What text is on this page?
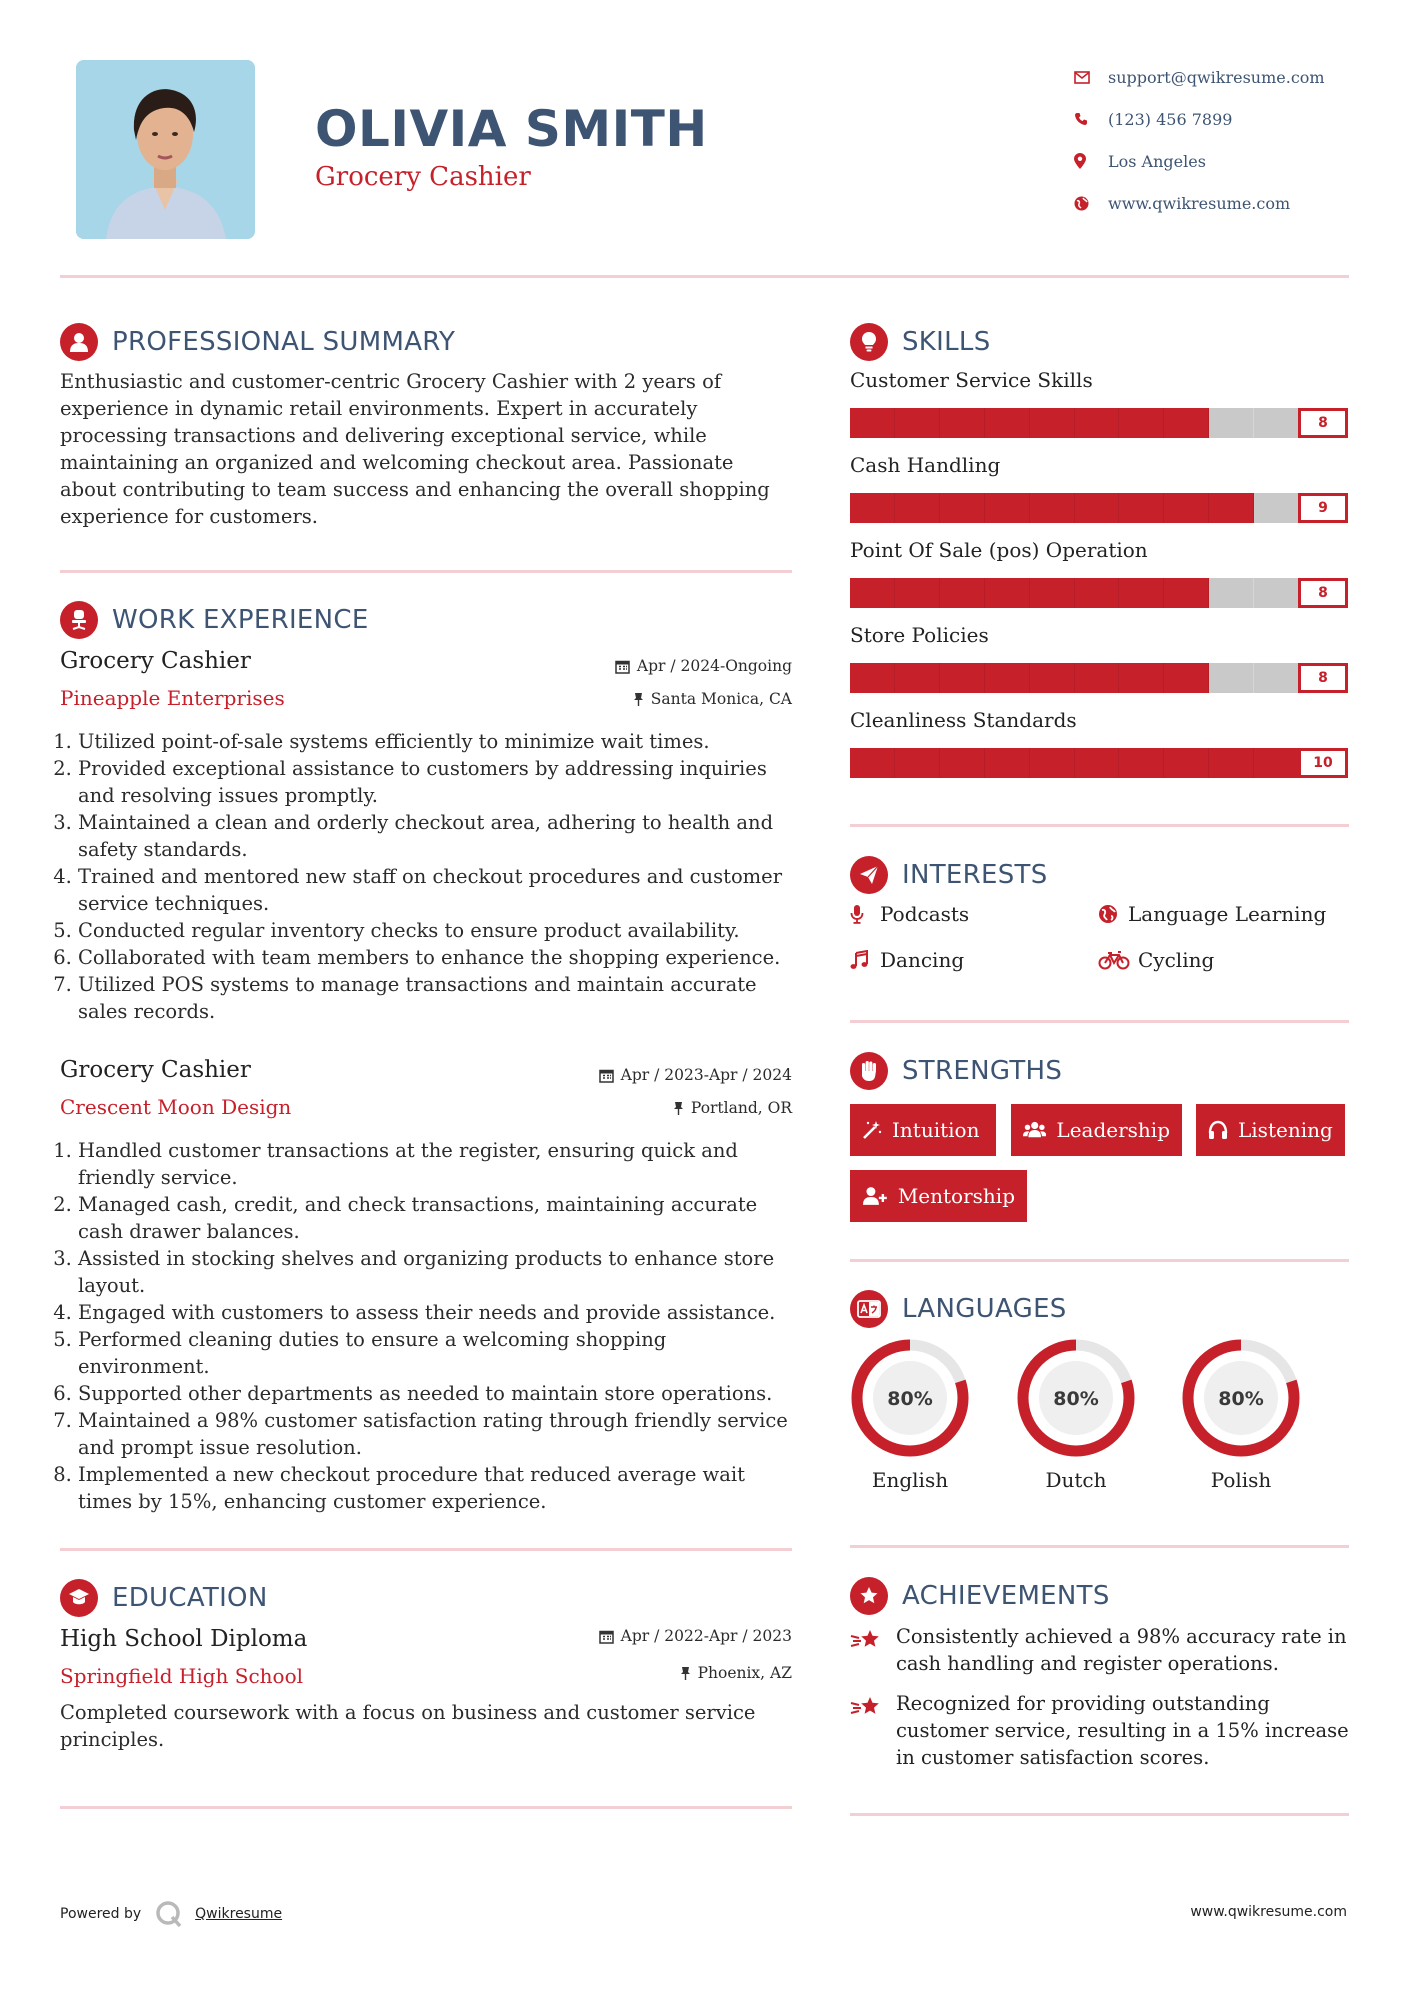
OLIVIA SMITH
Grocery Cashier
support@qwikresume.com
(123) 456 7899
Los Angeles
www.qwikresume.com
PROFESSIONAL SUMMARY
Enthusiastic and customer-centric Grocery Cashier with 2 years of experience in dynamic retail environments. Expert in accurately processing transactions and delivering exceptional service, while maintaining an organized and welcoming checkout area. Passionate about contributing to team success and enhancing the overall shopping experience for customers.
WORK EXPERIENCE
Grocery Cashier	Apr / 2024-Ongoing
Pineapple Enterprises	Santa Monica, CA
1. Utilized point-of-sale systems efficiently to minimize wait times.
2. Provided exceptional assistance to customers by addressing inquiries and resolving issues promptly.
3. Maintained a clean and orderly checkout area, adhering to health and safety standards.
4. Trained and mentored new staff on checkout procedures and customer service techniques.
5. Conducted regular inventory checks to ensure product availability.
6. Collaborated with team members to enhance the shopping experience.
7. Utilized POS systems to manage transactions and maintain accurate sales records.
Grocery Cashier	Apr / 2023-Apr / 2024
Crescent Moon Design	Portland, OR
1. Handled customer transactions at the register, ensuring quick and friendly service.
2. Managed cash, credit, and check transactions, maintaining accurate cash drawer balances.
3. Assisted in stocking shelves and organizing products to enhance store layout.
4. Engaged with customers to assess their needs and provide assistance.
5. Performed cleaning duties to ensure a welcoming shopping environment.
6. Supported other departments as needed to maintain store operations.
7. Maintained a 98% customer satisfaction rating through friendly service and prompt issue resolution.
8. Implemented a new checkout procedure that reduced average wait times by 15%, enhancing customer experience.
EDUCATION
High School Diploma	Apr / 2022-Apr / 2023
Springfield High School	Phoenix, AZ
Completed coursework with a focus on business and customer service principles.
SKILLS
Customer Service Skills
8
Cash Handling
9
Point Of Sale (pos) Operation
8
Store Policies
8
Cleanliness Standards
10
INTERESTS
Podcasts	Language Learning
Dancing	Cycling
STRENGTHS
Intuition	Leadership	Listening
Mentorship
LANGUAGES
80%
English
80%
Dutch
80%
Polish
ACHIEVEMENTS
Consistently achieved a 98% accuracy rate in cash handling and register operations.
Recognized for providing outstanding customer service, resulting in a 15% increase in customer satisfaction scores.
Powered by	Qwikresume	www.qwikresume.com
